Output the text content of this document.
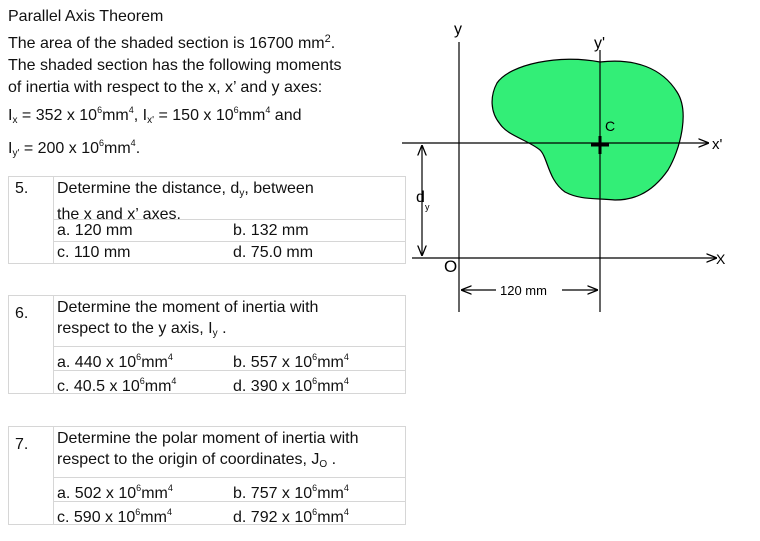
Parallel Axis Theorem
The area of the shaded section is 16700 $mm^2$.
The shaded section has the following moments
of inertia with respect to the x, x’ and y axes:
$I_x = 352$ x $10^6mm^4$, $I_{x'} = 150$ x $10^6mm^4$ and
$I_{y'} = 200$ x $10^6mm^4$.
5. Determine the distance, $d_y$, between
the x and x’ axes.
a. 120 mm	b. 132 mm
c. 110 mm	d. 75.0 mm
6. Determine the moment of inertia with
respect to the y axis, $I_y$ .
a. 440 x $10^6mm^4$	b. 557 x $10^6mm^4$
c. 40.5 x $10^6mm^4$	d. 390 x $10^6mm^4$
7. Determine the polar moment of inertia with
respect to the origin of coordinates, $J_O$ .
a. 502 x $10^6mm^4$	b. 757 x $10^6mm^4$
c. 590 x $10^6mm^4$	d. 792 x $10^6mm^4$
y
y'
C
x'
X
O
d
y
120 mm
